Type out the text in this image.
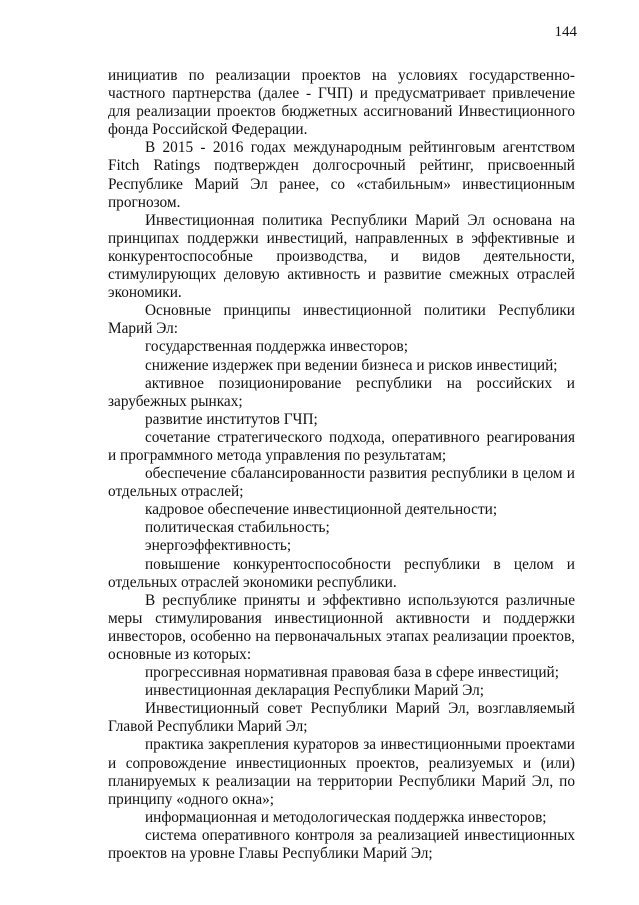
144

инициатив по реализации проектов на условиях государственно-частного партнерства (далее - ГЧП) и предусматривает привлечение для реализации проектов бюджетных ассигнований Инвестиционного фонда Российской Федерации.

В 2015 - 2016 годах международным рейтинговым агентством Fitch Ratings подтвержден долгосрочный рейтинг, присвоенный Республике Марий Эл ранее, со «стабильным» инвестиционным прогнозом.

Инвестиционная политика Республики Марий Эл основана на принципах поддержки инвестиций, направленных в эффективные и конкурентоспособные производства, и видов деятельности, стимулирующих деловую активность и развитие смежных отраслей экономики.

Основные принципы инвестиционной политики Республики Марий Эл:

государственная поддержка инвесторов;

снижение издержек при ведении бизнеса и рисков инвестиций;

активное позиционирование республики на российских и зарубежных рынках;

развитие институтов ГЧП;

сочетание стратегического подхода, оперативного реагирования и программного метода управления по результатам;

обеспечение сбалансированности развития республики в целом и отдельных отраслей;

кадровое обеспечение инвестиционной деятельности;

политическая стабильность;

энергоэффективность;

повышение конкурентоспособности республики в целом и отдельных отраслей экономики республики.

В республике приняты и эффективно используются различные меры стимулирования инвестиционной активности и поддержки инвесторов, особенно на первоначальных этапах реализации проектов, основные из которых:

прогрессивная нормативная правовая база в сфере инвестиций;

инвестиционная декларация Республики Марий Эл;

Инвестиционный совет Республики Марий Эл, возглавляемый Главой Республики Марий Эл;

практика закрепления кураторов за инвестиционными проектами и сопровождение инвестиционных проектов, реализуемых и (или) планируемых к реализации на территории Республики Марий Эл, по принципу «одного окна»;

информационная и методологическая поддержка инвесторов;

система оперативного контроля за реализацией инвестиционных проектов на уровне Главы Республики Марий Эл;
